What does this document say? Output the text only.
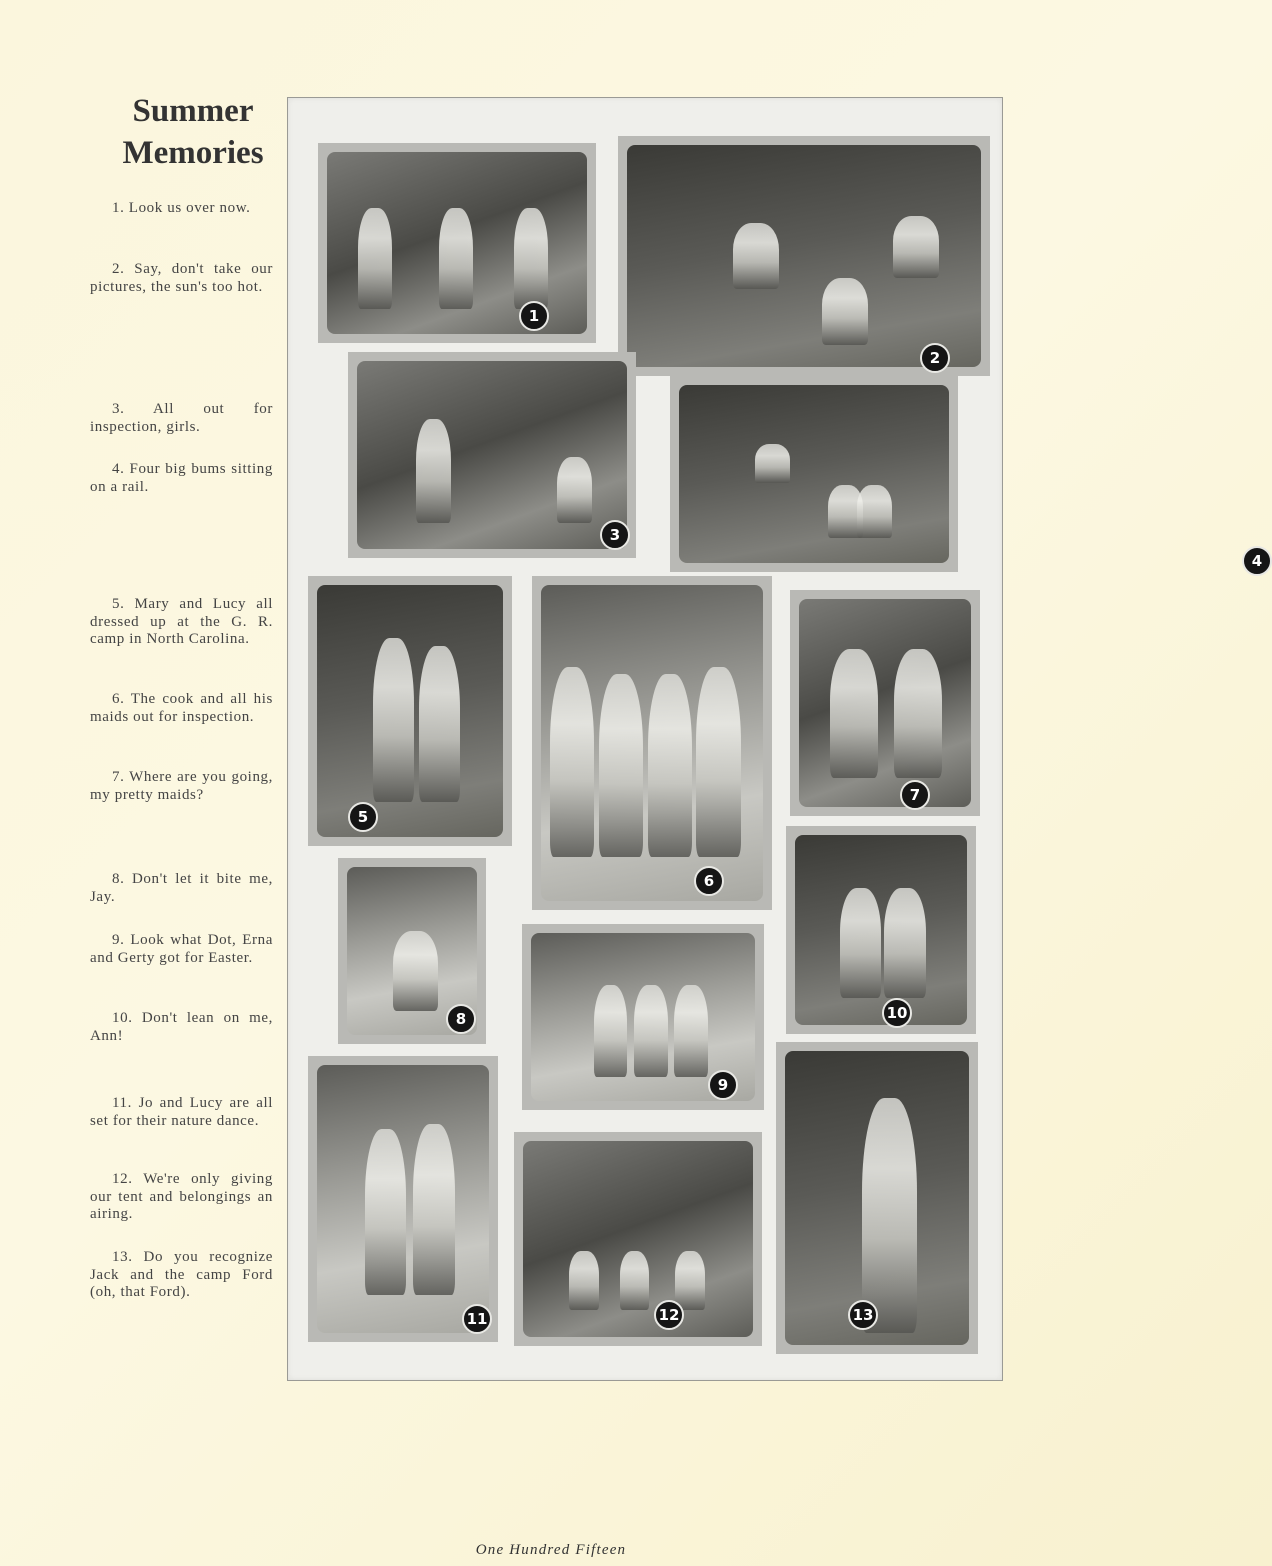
Summer Memories
1. Look us over now.
2. Say, don't take our pictures, the sun's too hot.
3. All out for inspection, girls.
4. Four big bums sitting on a rail.
5. Mary and Lucy all dressed up at the G. R. camp in North Carolina.
6. The cook and all his maids out for inspection.
7. Where are you going, my pretty maids?
8. Don't let it bite me, Jay.
9. Look what Dot, Erna and Gerty got for Easter.
10. Don't lean on me, Ann!
11. Jo and Lucy are all set for their nature dance.
12. We're only giving our tent and belongings an airing.
13. Do you recognize Jack and the camp Ford (oh, that Ford).
1
2
3
4
5
6
7
8
9
10
11	12	13
One Hundred Fifteen
